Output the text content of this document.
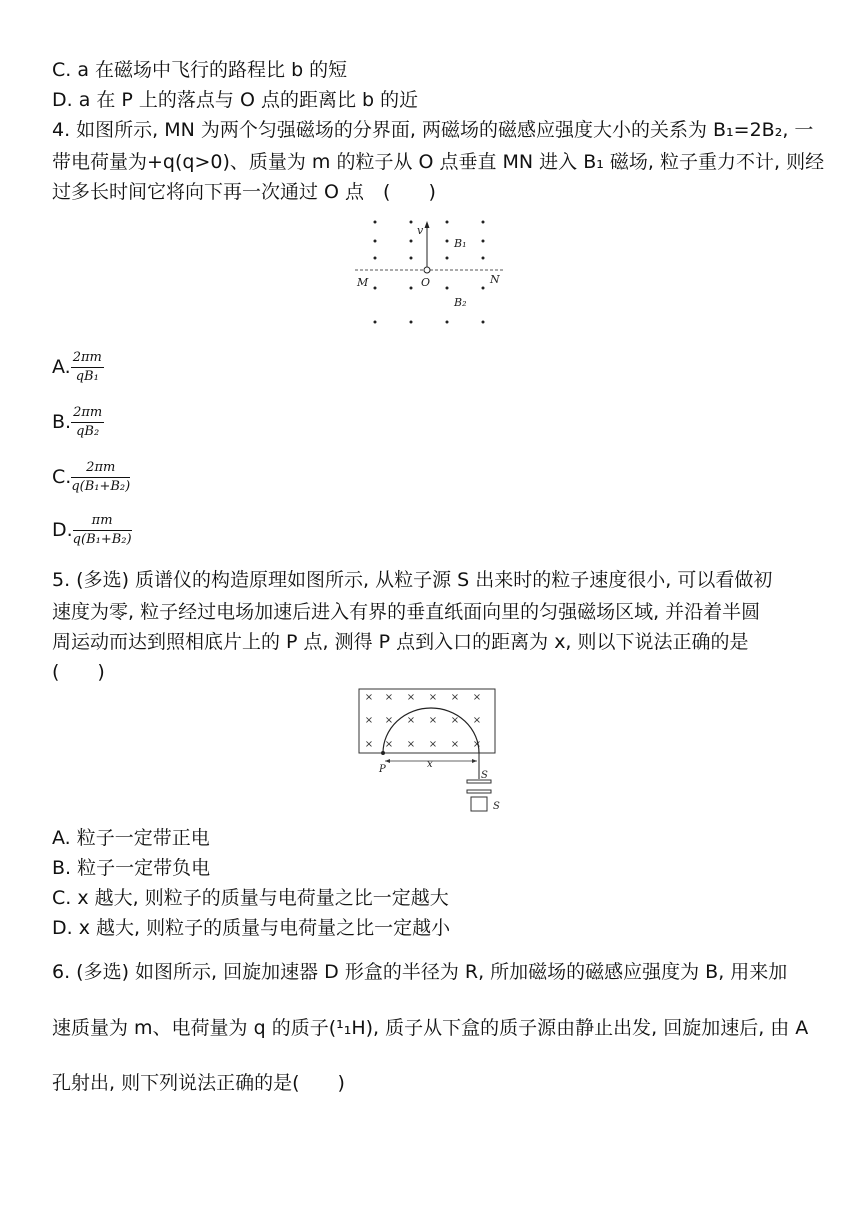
C. a 在磁场中飞行的路程比 b 的短
D. a 在 P 上的落点与 O 点的距离比 b 的近
4. 如图所示, MN 为两个匀强磁场的分界面, 两磁场的磁感应强度大小的关系为 B₁=2B₂, 一
带电荷量为+q(q>0)、质量为 m 的粒子从 O 点垂直 MN 进入 B₁ 磁场, 粒子重力不计, 则经
过多长时间它将向下再一次通过 O 点　(　　)
v
B₁
B₂
M	O	N
A. $\frac{2\pi m}{\text{qB₁}}$
B. $\frac{2\pi m}{\text{qB₂}}$
C. $\frac{2\pi m}{\text{q(B₁+B₂)}}$
D. $\frac{\pi m}{\text{q(B₁+B₂)}}$
5. (多选) 质谱仪的构造原理如图所示, 从粒子源 S 出来时的粒子速度很小, 可以看做初
速度为零, 粒子经过电场加速后进入有界的垂直纸面向里的匀强磁场区域, 并沿着半圆
周运动而达到照相底片上的 P 点, 测得 P 点到入口的距离为 x, 则以下说法正确的是
(　　)
× × × × × ×
× × × × × ×
× × × × × ×
x
P
S
S
A. 粒子一定带正电
B. 粒子一定带负电
C. x 越大, 则粒子的质量与电荷量之比一定越大
D. x 越大, 则粒子的质量与电荷量之比一定越小
6. (多选) 如图所示, 回旋加速器 D 形盒的半径为 R, 所加磁场的磁感应强度为 B, 用来加
速质量为 m、电荷量为 q 的质子(¹₁H), 质子从下盒的质子源由静止出发, 回旋加速后, 由 A
孔射出, 则下列说法正确的是(　　)
